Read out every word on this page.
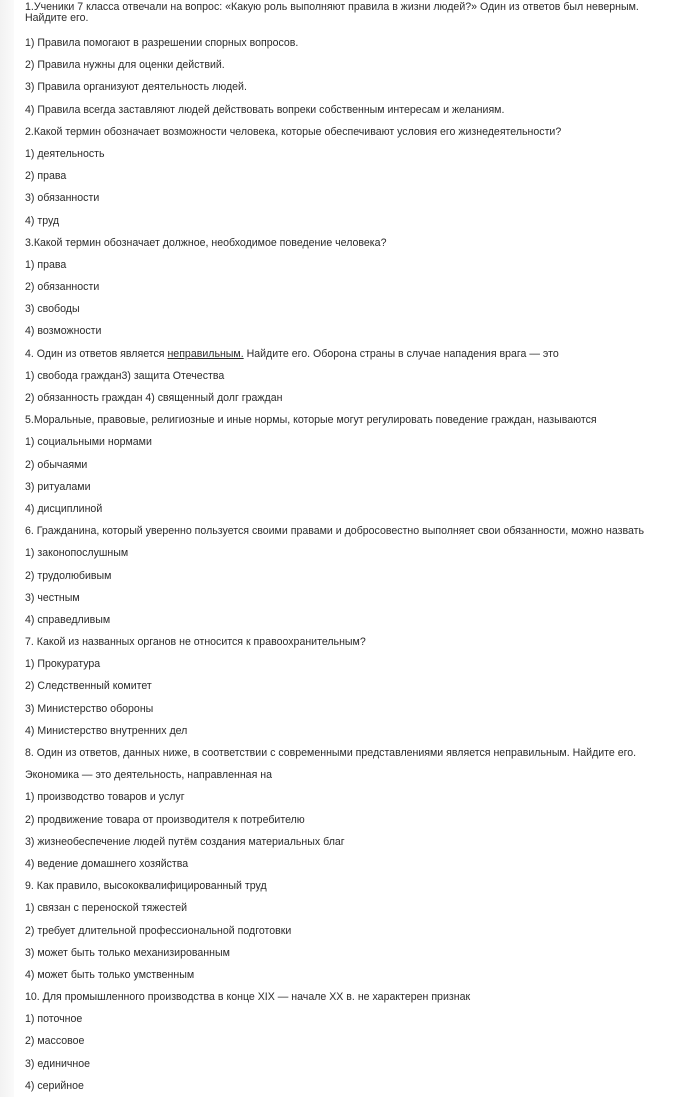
1.Ученики 7 класса отвечали на вопрос: «Какую роль выполняют правила в жизни людей?» Один из ответов был неверным.
Найдите его.
1) Правила помогают в разрешении спорных вопросов.
2) Правила нужны для оценки действий.
3) Правила организуют деятельность людей.
4) Правила всегда заставляют людей действовать вопреки собственным интересам и желаниям.
2.Какой термин обозначает возможности человека, которые обеспечивают условия его жизнедеятельности?
1) деятельность
2) права
3) обязанности
4) труд
3.Какой термин обозначает должное, необходимое поведение человека?
1) права
2) обязанности
3) свободы
4) возможности
4. Один из ответов является неправильным. Найдите его. Оборона страны в случае нападения врага — это
1) свобода граждан3) защита Отечества
2) обязанность граждан 4) священный долг граждан
5.Моральные, правовые, религиозные и иные нормы, которые могут регулировать поведение граждан, называются
1) социальными нормами
2) обычаями
3) ритуалами
4) дисциплиной
6. Гражданина, который уверенно пользуется своими правами и добросовестно выполняет свои обязанности, можно назвать
1) законопослушным
2) трудолюбивым
3) честным
4) справедливым
7. Какой из названных органов не относится к правоохранительным?
1) Прокуратура
2) Следственный комитет
3) Министерство обороны
4) Министерство внутренних дел
8. Один из ответов, данных ниже, в соответствии с современными представлениями является неправильным. Найдите его.
Экономика — это деятельность, направленная на
1) производство товаров и услуг
2) продвижение товара от производителя к потребителю
3) жизнеобеспечение людей путём создания материальных благ
4) ведение домашнего хозяйства
9. Как правило, высококвалифицированный труд
1) связан с переноской тяжестей
2) требует длительной профессиональной подготовки
3) может быть только механизированным
4) может быть только умственным
10. Для промышленного производства в конце XIX — начале XX в. не характерен признак
1) поточное
2) массовое
3) единичное
4) серийное
